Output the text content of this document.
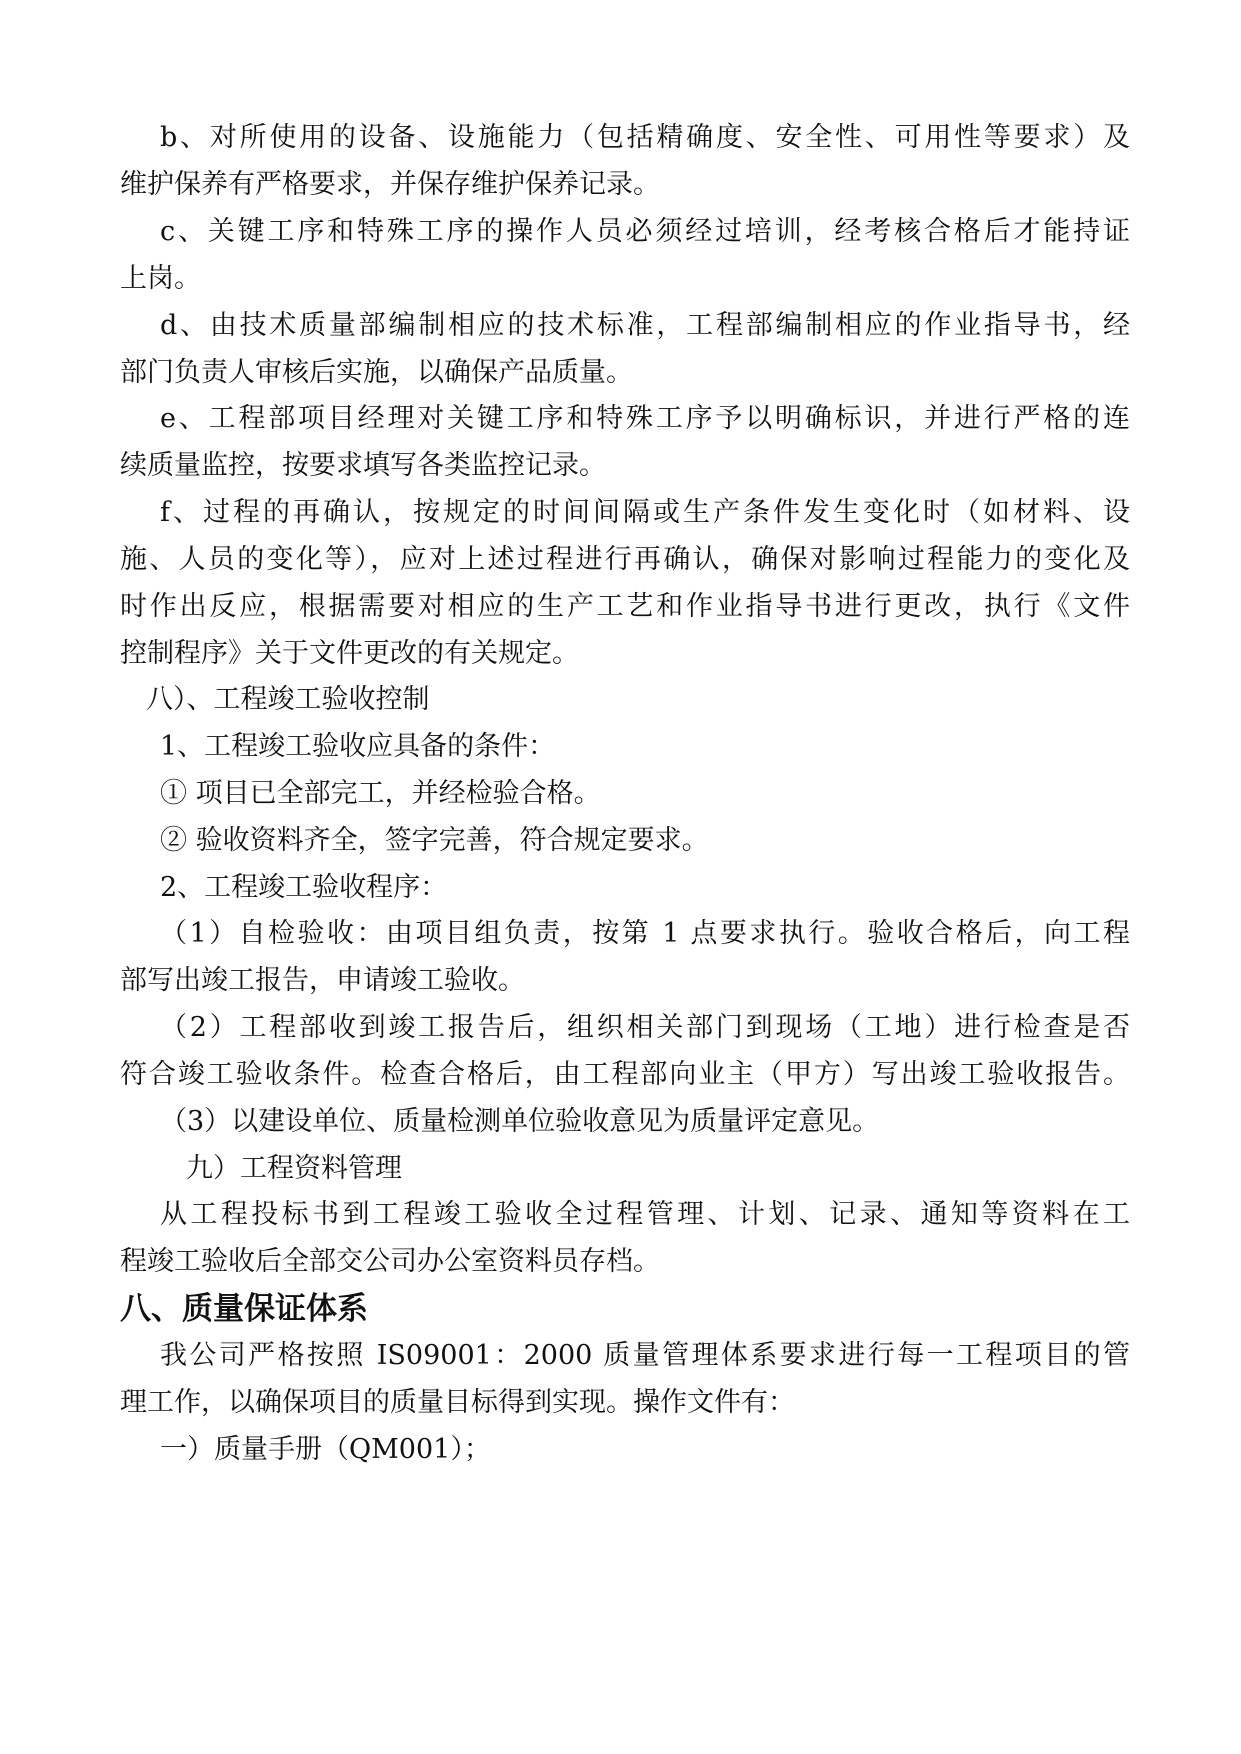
b、对所使用的设备、设施能力（包括精确度、安全性、可用性等要求）及

维护保养有严格要求，并保存维护保养记录。

c、关键工序和特殊工序的操作人员必须经过培训，经考核合格后才能持证

上岗。

d、由技术质量部编制相应的技术标准，工程部编制相应的作业指导书，经

部门负责人审核后实施，以确保产品质量。

e、工程部项目经理对关键工序和特殊工序予以明确标识，并进行严格的连

续质量监控，按要求填写各类监控记录。

f、过程的再确认，按规定的时间间隔或生产条件发生变化时（如材料、设

施、人员的变化等），应对上述过程进行再确认，确保对影响过程能力的变化及

时作出反应，根据需要对相应的生产工艺和作业指导书进行更改，执行《文件

控制程序》关于文件更改的有关规定。

八）、工程竣工验收控制

1、工程竣工验收应具备的条件：

① 项目已全部完工，并经检验合格。

② 验收资料齐全，签字完善，符合规定要求。

2、工程竣工验收程序：

（1）自检验收：由项目组负责，按第 1 点要求执行。验收合格后，向工程

部写出竣工报告，申请竣工验收。

（2）工程部收到竣工报告后，组织相关部门到现场（工地）进行检查是否

符合竣工验收条件。检查合格后，由工程部向业主（甲方）写出竣工验收报告。

（3）以建设单位、质量检测单位验收意见为质量评定意见。

九）工程资料管理

从工程投标书到工程竣工验收全过程管理、计划、记录、通知等资料在工

程竣工验收后全部交公司办公室资料员存档。

八、质量保证体系

我公司严格按照 IS09001：2000 质量管理体系要求进行每一工程项目的管

理工作，以确保项目的质量目标得到实现。操作文件有：

一）质量手册（QM001）；
